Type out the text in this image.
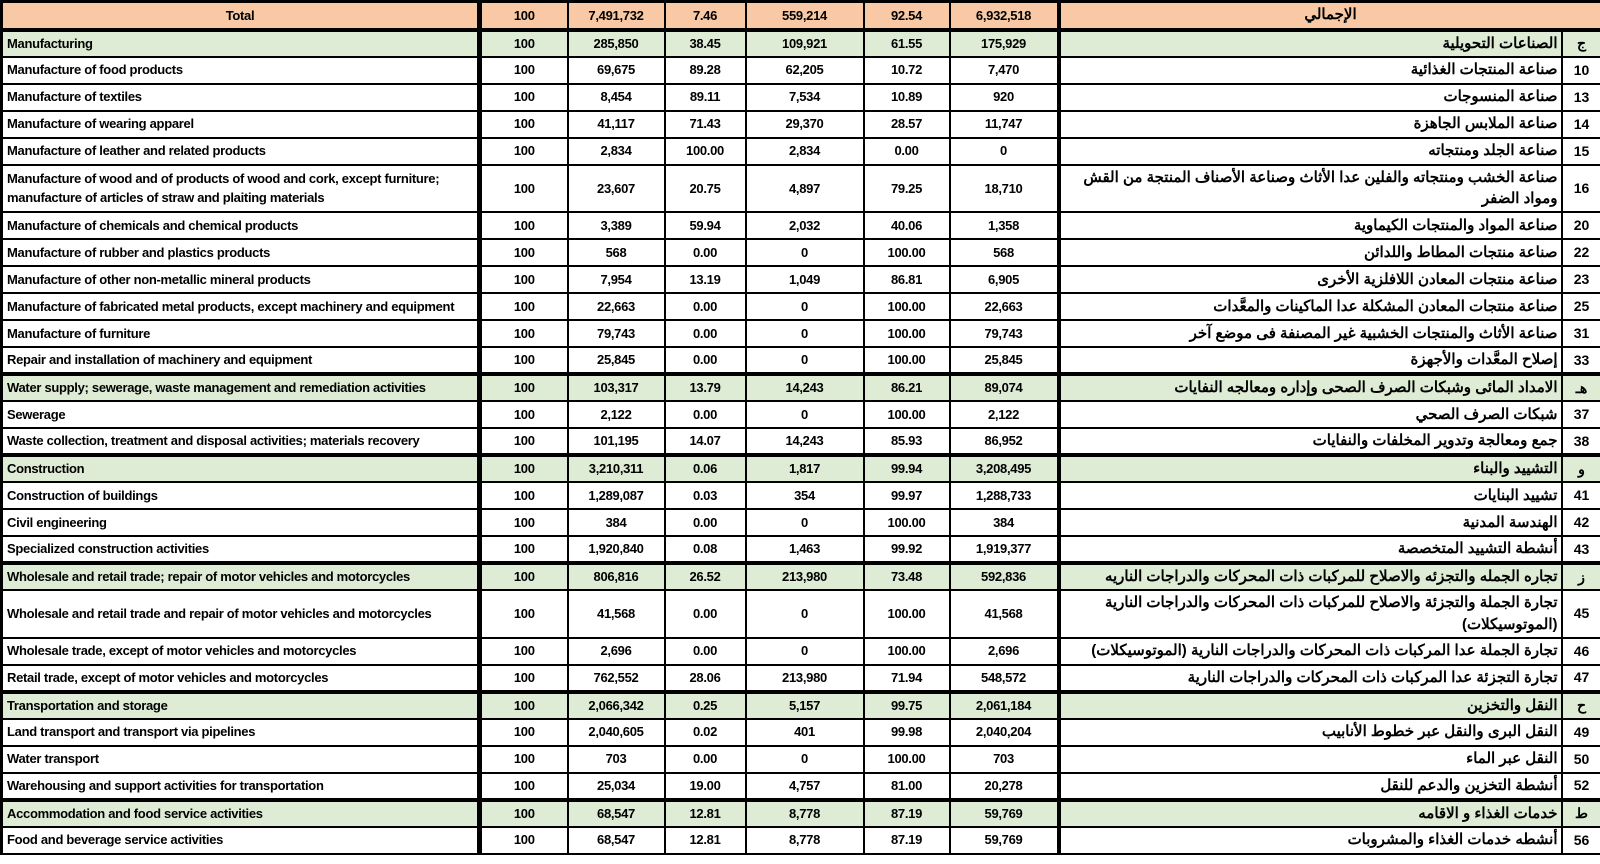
Total	100	7,491,732	7.46	559,214	92.54	6,932,518	الإجمالي	
Manufacturing	100	285,850	38.45	109,921	61.55	175,929	الصناعات التحويلية	ج
Manufacture of food products	100	69,675	89.28	62,205	10.72	7,470	صناعة المنتجات الغذائية	10
Manufacture of textiles	100	8,454	89.11	7,534	10.89	920	صناعة المنسوجات	13
Manufacture of wearing apparel	100	41,117	71.43	29,370	28.57	11,747	صناعة الملابس الجاهزة	14
Manufacture of leather and related products	100	2,834	100.00	2,834	0.00	0	صناعة الجلد ومنتجاته	15
Manufacture of wood and of products of wood and cork, except furniture; manufacture of articles of straw and plaiting materials	100	23,607	20.75	4,897	79.25	18,710	صناعة الخشب ومنتجاته والفلين عدا الأثاث وصناعة الأصناف المنتجة من القش ومواد الضفر	16
Manufacture of chemicals and chemical products	100	3,389	59.94	2,032	40.06	1,358	صناعة المواد والمنتجات الكيماوية	20
Manufacture of rubber and plastics products	100	568	0.00	0	100.00	568	صناعة منتجات المطاط واللدائن	22
Manufacture of other non-metallic mineral products	100	7,954	13.19	1,049	86.81	6,905	صناعة منتجات المعادن اللافلزية الأخرى	23
Manufacture of fabricated metal products, except machinery and equipment	100	22,663	0.00	0	100.00	22,663	صناعة منتجات المعادن المشكلة عدا الماكينات والمعَّدات	25
Manufacture of furniture	100	79,743	0.00	0	100.00	79,743	صناعة الأثاث والمنتجات الخشبية غير المصنفة فى موضع آخر	31
Repair and installation of machinery and equipment	100	25,845	0.00	0	100.00	25,845	إصلاح المعَّدات والأجهزة	33
Water supply; sewerage, waste management and remediation activities	100	103,317	13.79	14,243	86.21	89,074	الامداد المائى وشبكات الصرف الصحى وإداره ومعالجه النفايات	هـ
Sewerage	100	2,122	0.00	0	100.00	2,122	شبكات الصرف الصحي	37
Waste collection, treatment and disposal activities; materials recovery	100	101,195	14.07	14,243	85.93	86,952	جمع ومعالجة وتدوير المخلفات والنفايات	38
Construction	100	3,210,311	0.06	1,817	99.94	3,208,495	التشييد والبناء	و
Construction of buildings	100	1,289,087	0.03	354	99.97	1,288,733	تشييد البنايات	41
Civil engineering	100	384	0.00	0	100.00	384	الهندسة المدنية	42
Specialized construction activities	100	1,920,840	0.08	1,463	99.92	1,919,377	أنشطة التشييد المتخصصة	43
Wholesale and retail trade; repair of motor vehicles and motorcycles	100	806,816	26.52	213,980	73.48	592,836	تجاره الجمله والتجزئه والاصلاح للمركبات ذات المحركات والدراجات الناريه	ز
Wholesale and retail trade and repair of motor vehicles and motorcycles	100	41,568	0.00	0	100.00	41,568	تجارة الجملة والتجزئة والاصلاح للمركبات ذات المحركات والدراجات النارية (الموتوسيكلات)	45
Wholesale trade, except of motor vehicles and motorcycles	100	2,696	0.00	0	100.00	2,696	تجارة الجملة عدا المركبات ذات المحركات والدراجات النارية (الموتوسيكلات)	46
Retail trade, except of motor vehicles and motorcycles	100	762,552	28.06	213,980	71.94	548,572	تجارة التجزئة عدا المركبات ذات المحركات والدراجات النارية	47
Transportation and storage	100	2,066,342	0.25	5,157	99.75	2,061,184	النقل والتخزين	ح
Land transport and transport via pipelines	100	2,040,605	0.02	401	99.98	2,040,204	النقل البرى والنقل عبر خطوط الأنابيب	49
Water transport	100	703	0.00	0	100.00	703	النقل عبر الماء	50
Warehousing and support activities for transportation	100	25,034	19.00	4,757	81.00	20,278	أنشطة التخزين والدعم للنقل	52
Accommodation and food service activities	100	68,547	12.81	8,778	87.19	59,769	خدمات الغذاء و الاقامه	ط
Food and beverage service activities	100	68,547	12.81	8,778	87.19	59,769	أنشطه خدمات الغذاء والمشروبات	56
